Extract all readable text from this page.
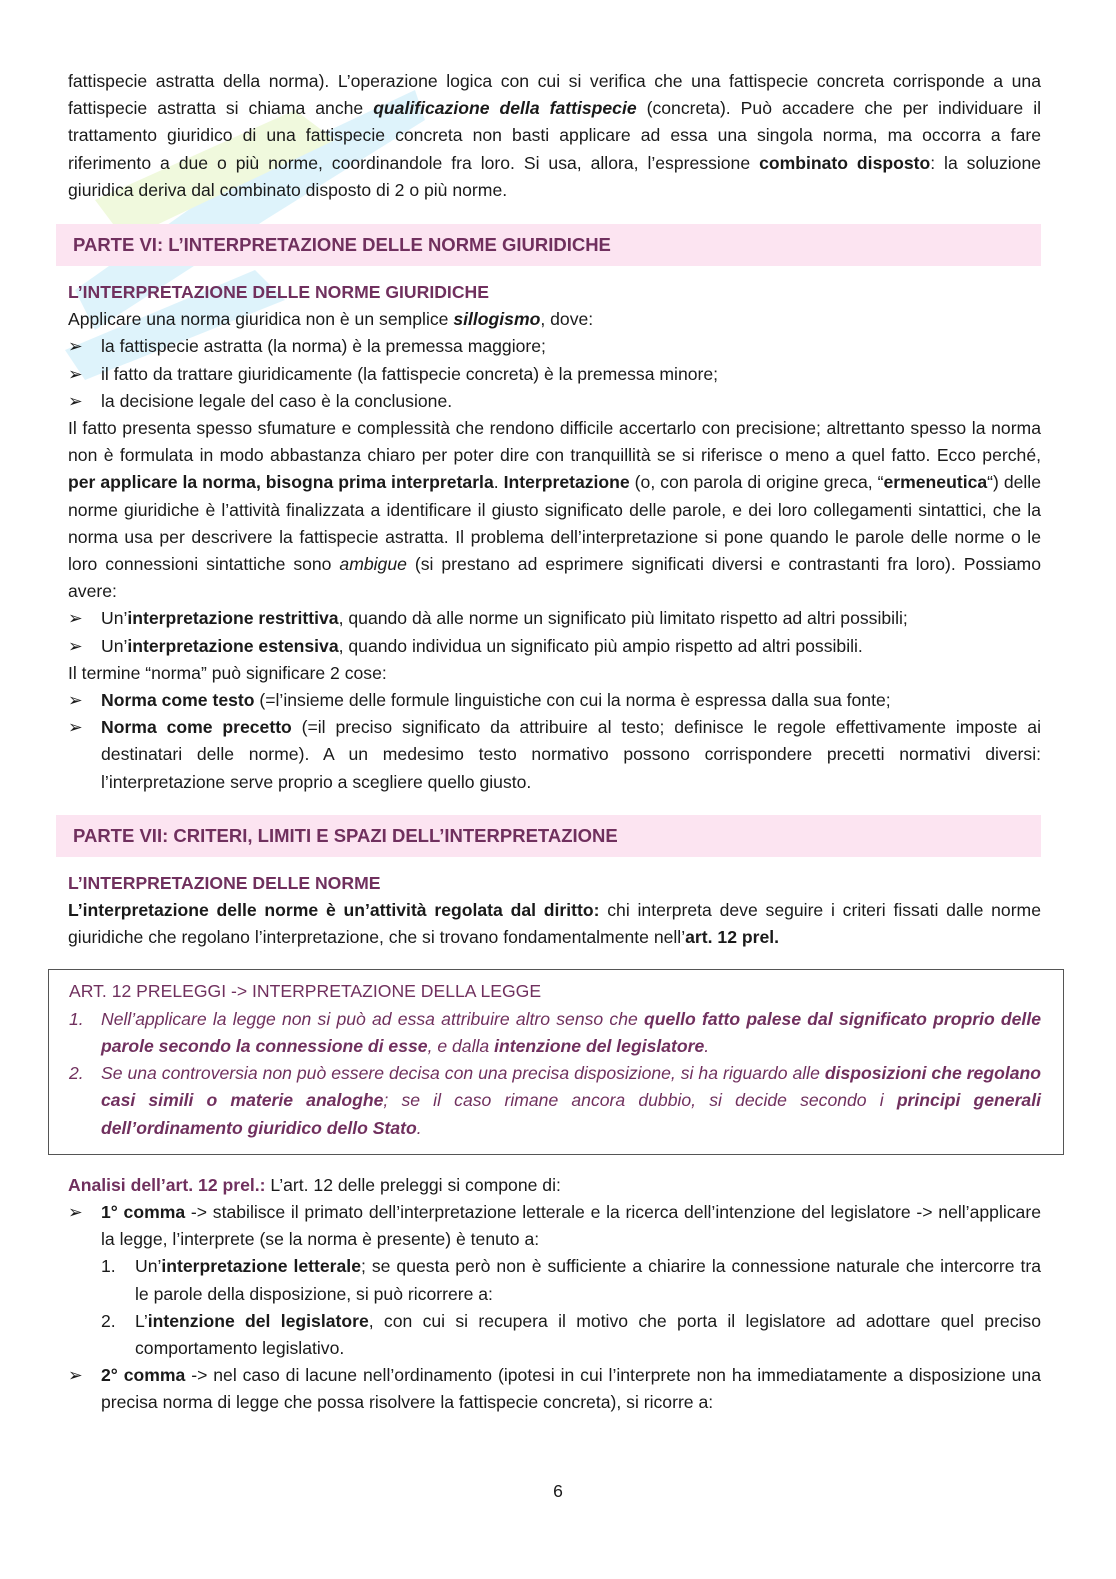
fattispecie astratta della norma). L’operazione logica con cui si verifica che una fattispecie concreta corrisponde a una fattispecie astratta si chiama anche qualificazione della fattispecie (concreta). Può accadere che per individuare il trattamento giuridico di una fattispecie concreta non basti applicare ad essa una singola norma, ma occorra a fare riferimento a due o più norme, coordinandole fra loro. Si usa, allora, l’espressione combinato disposto: la soluzione giuridica deriva dal combinato disposto di 2 o più norme.

PARTE VI: L’INTERPRETAZIONE DELLE NORME GIURIDICHE

L’INTERPRETAZIONE DELLE NORME GIURIDICHE

Applicare una norma giuridica non è un semplice sillogismo, dove:

➢ la fattispecie astratta (la norma) è la premessa maggiore;
➢ il fatto da trattare giuridicamente (la fattispecie concreta) è la premessa minore;
➢ la decisione legale del caso è la conclusione.

Il fatto presenta spesso sfumature e complessità che rendono difficile accertarlo con precisione; altrettanto spesso la norma non è formulata in modo abbastanza chiaro per poter dire con tranquillità se si riferisce o meno a quel fatto. Ecco perché, per applicare la norma, bisogna prima interpretarla. Interpretazione (o, con parola di origine greca, “ermeneutica“) delle norme giuridiche è l’attività finalizzata a identificare il giusto significato delle parole, e dei loro collegamenti sintattici, che la norma usa per descrivere la fattispecie astratta. Il problema dell’interpretazione si pone quando le parole delle norme o le loro connessioni sintattiche sono ambigue (si prestano ad esprimere significati diversi e contrastanti fra loro). Possiamo avere:

➢ Un’interpretazione restrittiva, quando dà alle norme un significato più limitato rispetto ad altri possibili;
➢ Un’interpretazione estensiva, quando individua un significato più ampio rispetto ad altri possibili.

Il termine “norma” può significare 2 cose:

➢ Norma come testo (=l’insieme delle formule linguistiche con cui la norma è espressa dalla sua fonte;
➢ Norma come precetto (=il preciso significato da attribuire al testo; definisce le regole effettivamente imposte ai destinatari delle norme). A un medesimo testo normativo possono corrispondere precetti normativi diversi: l’interpretazione serve proprio a scegliere quello giusto.
PARTE VII: CRITERI, LIMITI E SPAZI DELL’INTERPRETAZIONE

L’INTERPRETAZIONE DELLE NORME

L’interpretazione delle norme è un’attività regolata dal diritto: chi interpreta deve seguire i criteri fissati dalle norme giuridiche che regolano l’interpretazione, che si trovano fondamentalmente nell’art. 12 prel.

ART. 12 PRELEGGI -> INTERPRETAZIONE DELLA LEGGE
1. Nell’applicare la legge non si può ad essa attribuire altro senso che quello fatto palese dal significato proprio delle parole secondo la connessione di esse, e dalla intenzione del legislatore.
2. Se una controversia non può essere decisa con una precisa disposizione, si ha riguardo alle disposizioni che regolano casi simili o materie analoghe; se il caso rimane ancora dubbio, si decide secondo i principi generali dell’ordinamento giuridico dello Stato.

Analisi dell’art. 12 prel.: L’art. 12 delle preleggi si compone di:

➢ 1° comma -> stabilisce il primato dell’interpretazione letterale e la ricerca dell’intenzione del legislatore -> nell’applicare la legge, l’interprete (se la norma è presente) è tenuto a:
1. Un’interpretazione letterale; se questa però non è sufficiente a chiarire la connessione naturale che intercorre tra le parole della disposizione, si può ricorrere a:
2. L’intenzione del legislatore, con cui si recupera il motivo che porta il legislatore ad adottare quel preciso comportamento legislativo.
➢ 2° comma -> nel caso di lacune nell’ordinamento (ipotesi in cui l’interprete non ha immediatamente a disposizione una precisa norma di legge che possa risolvere la fattispecie concreta), si ricorre a:
6
